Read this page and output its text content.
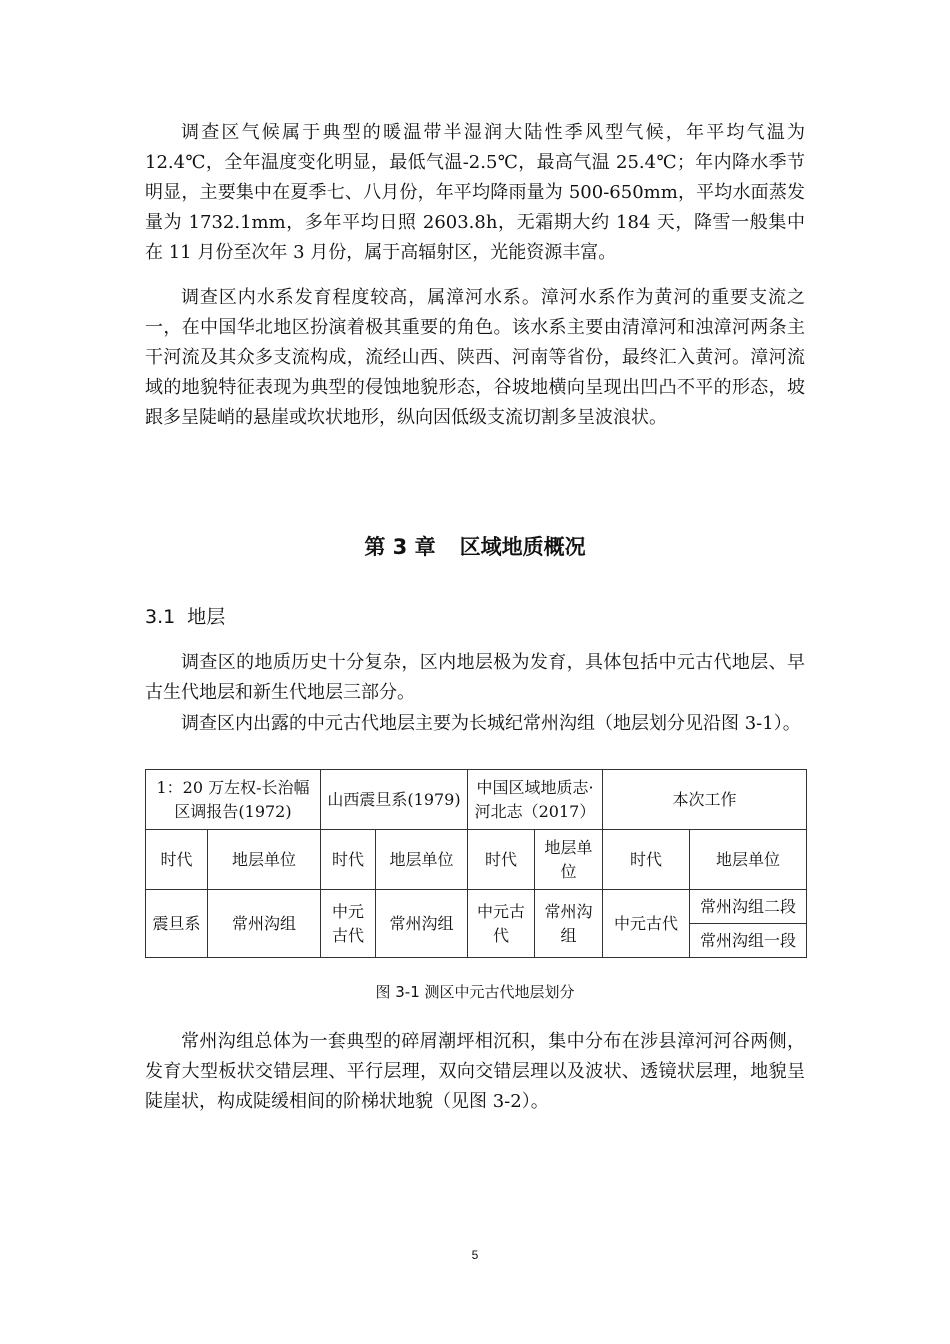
调查区气候属于典型的暖温带半湿润大陆性季风型气候，年平均气温为12.4℃，全年温度变化明显，最低气温-2.5℃，最高气温 25.4℃；年内降水季节明显，主要集中在夏季七、八月份，年平均降雨量为 500-650mm，平均水面蒸发量为 1732.1mm，多年平均日照 2603.8h，无霜期大约 184 天，降雪一般集中在 11 月份至次年 3 月份，属于高辐射区，光能资源丰富。

调查区内水系发育程度较高，属漳河水系。漳河水系作为黄河的重要支流之一，在中国华北地区扮演着极其重要的角色。该水系主要由清漳河和浊漳河两条主干河流及其众多支流构成，流经山西、陕西、河南等省份，最终汇入黄河。漳河流域的地貌特征表现为典型的侵蚀地貌形态，谷坡地横向呈现出凹凸不平的形态，坡跟多呈陡峭的悬崖或坎状地形，纵向因低级支流切割多呈波浪状。

第 3 章 区域地质概况
3.1 地层

调查区的地质历史十分复杂，区内地层极为发育，具体包括中元古代地层、早古生代地层和新生代地层三部分。

调查区内出露的中元古代地层主要为长城纪常州沟组（地层划分见沿图 3-1）。

1：20 万左权-长治幅区调报告(1972)		山西震旦系(1979)		中国区域地质志·河北志（2017）		本次工作	
时代	地层单位	时代	地层单位	时代	地层单位	时代	地层单位
震旦系	常州沟组	中元古代	常州沟组	中元古代	常州沟组	中元古代	常州沟组二段
							常州沟组一段

图 3-1 测区中元古代地层划分

常州沟组总体为一套典型的碎屑潮坪相沉积，集中分布在涉县漳河河谷两侧，发育大型板状交错层理、平行层理，双向交错层理以及波状、透镜状层理，地貌呈陡崖状，构成陡缓相间的阶梯状地貌（见图 3-2）。

5
